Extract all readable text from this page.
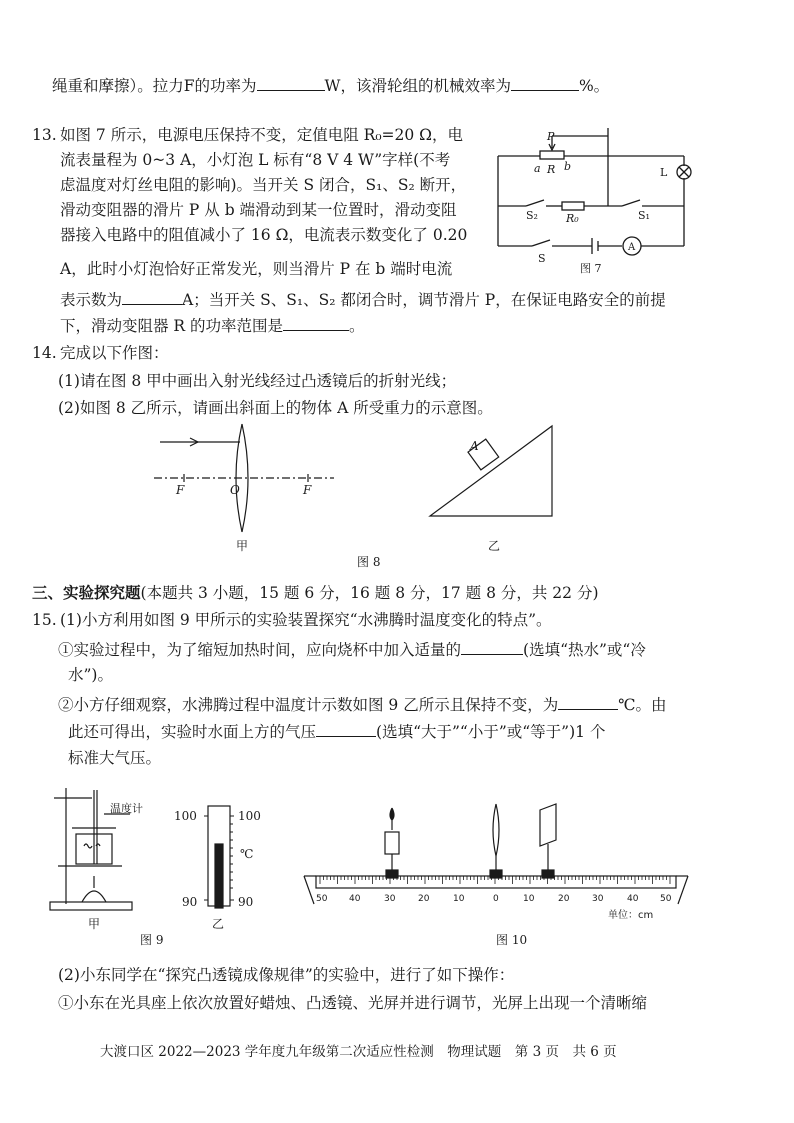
绳重和摩擦）。拉力F的功率为	W，该滑轮组的机械效率为	%。
13. 如图 7 所示，电源电压保持不变，定值电阻 R₀=20 Ω，电
流表量程为 0~3 A，小灯泡 L 标有“8 V 4 W”字样(不考
虑温度对灯丝电阻的影响)。当开关 S 闭合，S₁、S₂ 断开，
滑动变阻器的滑片 P 从 b 端滑动到某一位置时，滑动变阻
器接入电路中的阻值减小了 16 Ω，电流表示数变化了 0.20
A，此时小灯泡恰好正常发光，则当滑片 P 在 b 端时电流
表示数为	A；当开关 S、S₁、S₂ 都闭合时，调节滑片 P，在保证电路安全的前提
下，滑动变阻器 R 的功率范围是	。
P
a R b	L
S₂	R₀	S₁
S
A
图 7
14. 完成以下作图：
(1)请在图 8 甲中画出入射光线经过凸透镜后的折射光线；
(2)如图 8 乙所示，请画出斜面上的物体 A 所受重力的示意图。
F	O	F
甲
A
乙
图 8
三、实验探究题(本题共 3 小题，15 题 6 分，16 题 8 分，17 题 8 分，共 22 分)
15. (1)小方利用如图 9 甲所示的实验装置探究“水沸腾时温度变化的特点”。
①实验过程中，为了缩短加热时间，应向烧杯中加入适量的	(选填“热水”或“冷
水”)。
②小方仔细观察，水沸腾过程中温度计示数如图 9 乙所示且保持不变，为	℃。由
此还可得出，实验时水面上方的气压	(选填“大于”“小于”或“等于”)1 个
标准大气压。
温度计
甲
100	100
℃
90	90
乙
图 9
50 40	30	20	10	0	10	20	30	40 50
单位：cm
图 10
(2)小东同学在“探究凸透镜成像规律”的实验中，进行了如下操作：
①小东在光具座上依次放置好蜡烛、凸透镜、光屏并进行调节，光屏上出现一个清晰缩
大渡口区 2022—2023 学年度九年级第二次适应性检测　物理试题　第 3 页　共 6 页
